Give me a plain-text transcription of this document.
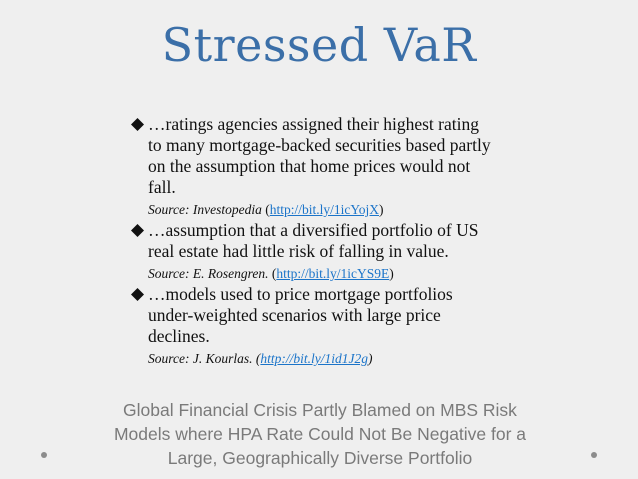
Stressed VaR
…ratings agencies assigned their highest rating
to many mortgage-backed securities based partly
on the assumption that home prices would not
fall.
Source: Investopedia (http://bit.ly/1icYojX)
…assumption that a diversified portfolio of US
real estate had little risk of falling in value.
Source: E. Rosengren. (http://bit.ly/1icYS9E)
…models used to price mortgage portfolios
under-weighted scenarios with large price
declines.
Source: J. Kourlas. (http://bit.ly/1id1J2g)
Global Financial Crisis Partly Blamed on MBS Risk
Models where HPA Rate Could Not Be Negative for a
Large, Geographically Diverse Portfolio
